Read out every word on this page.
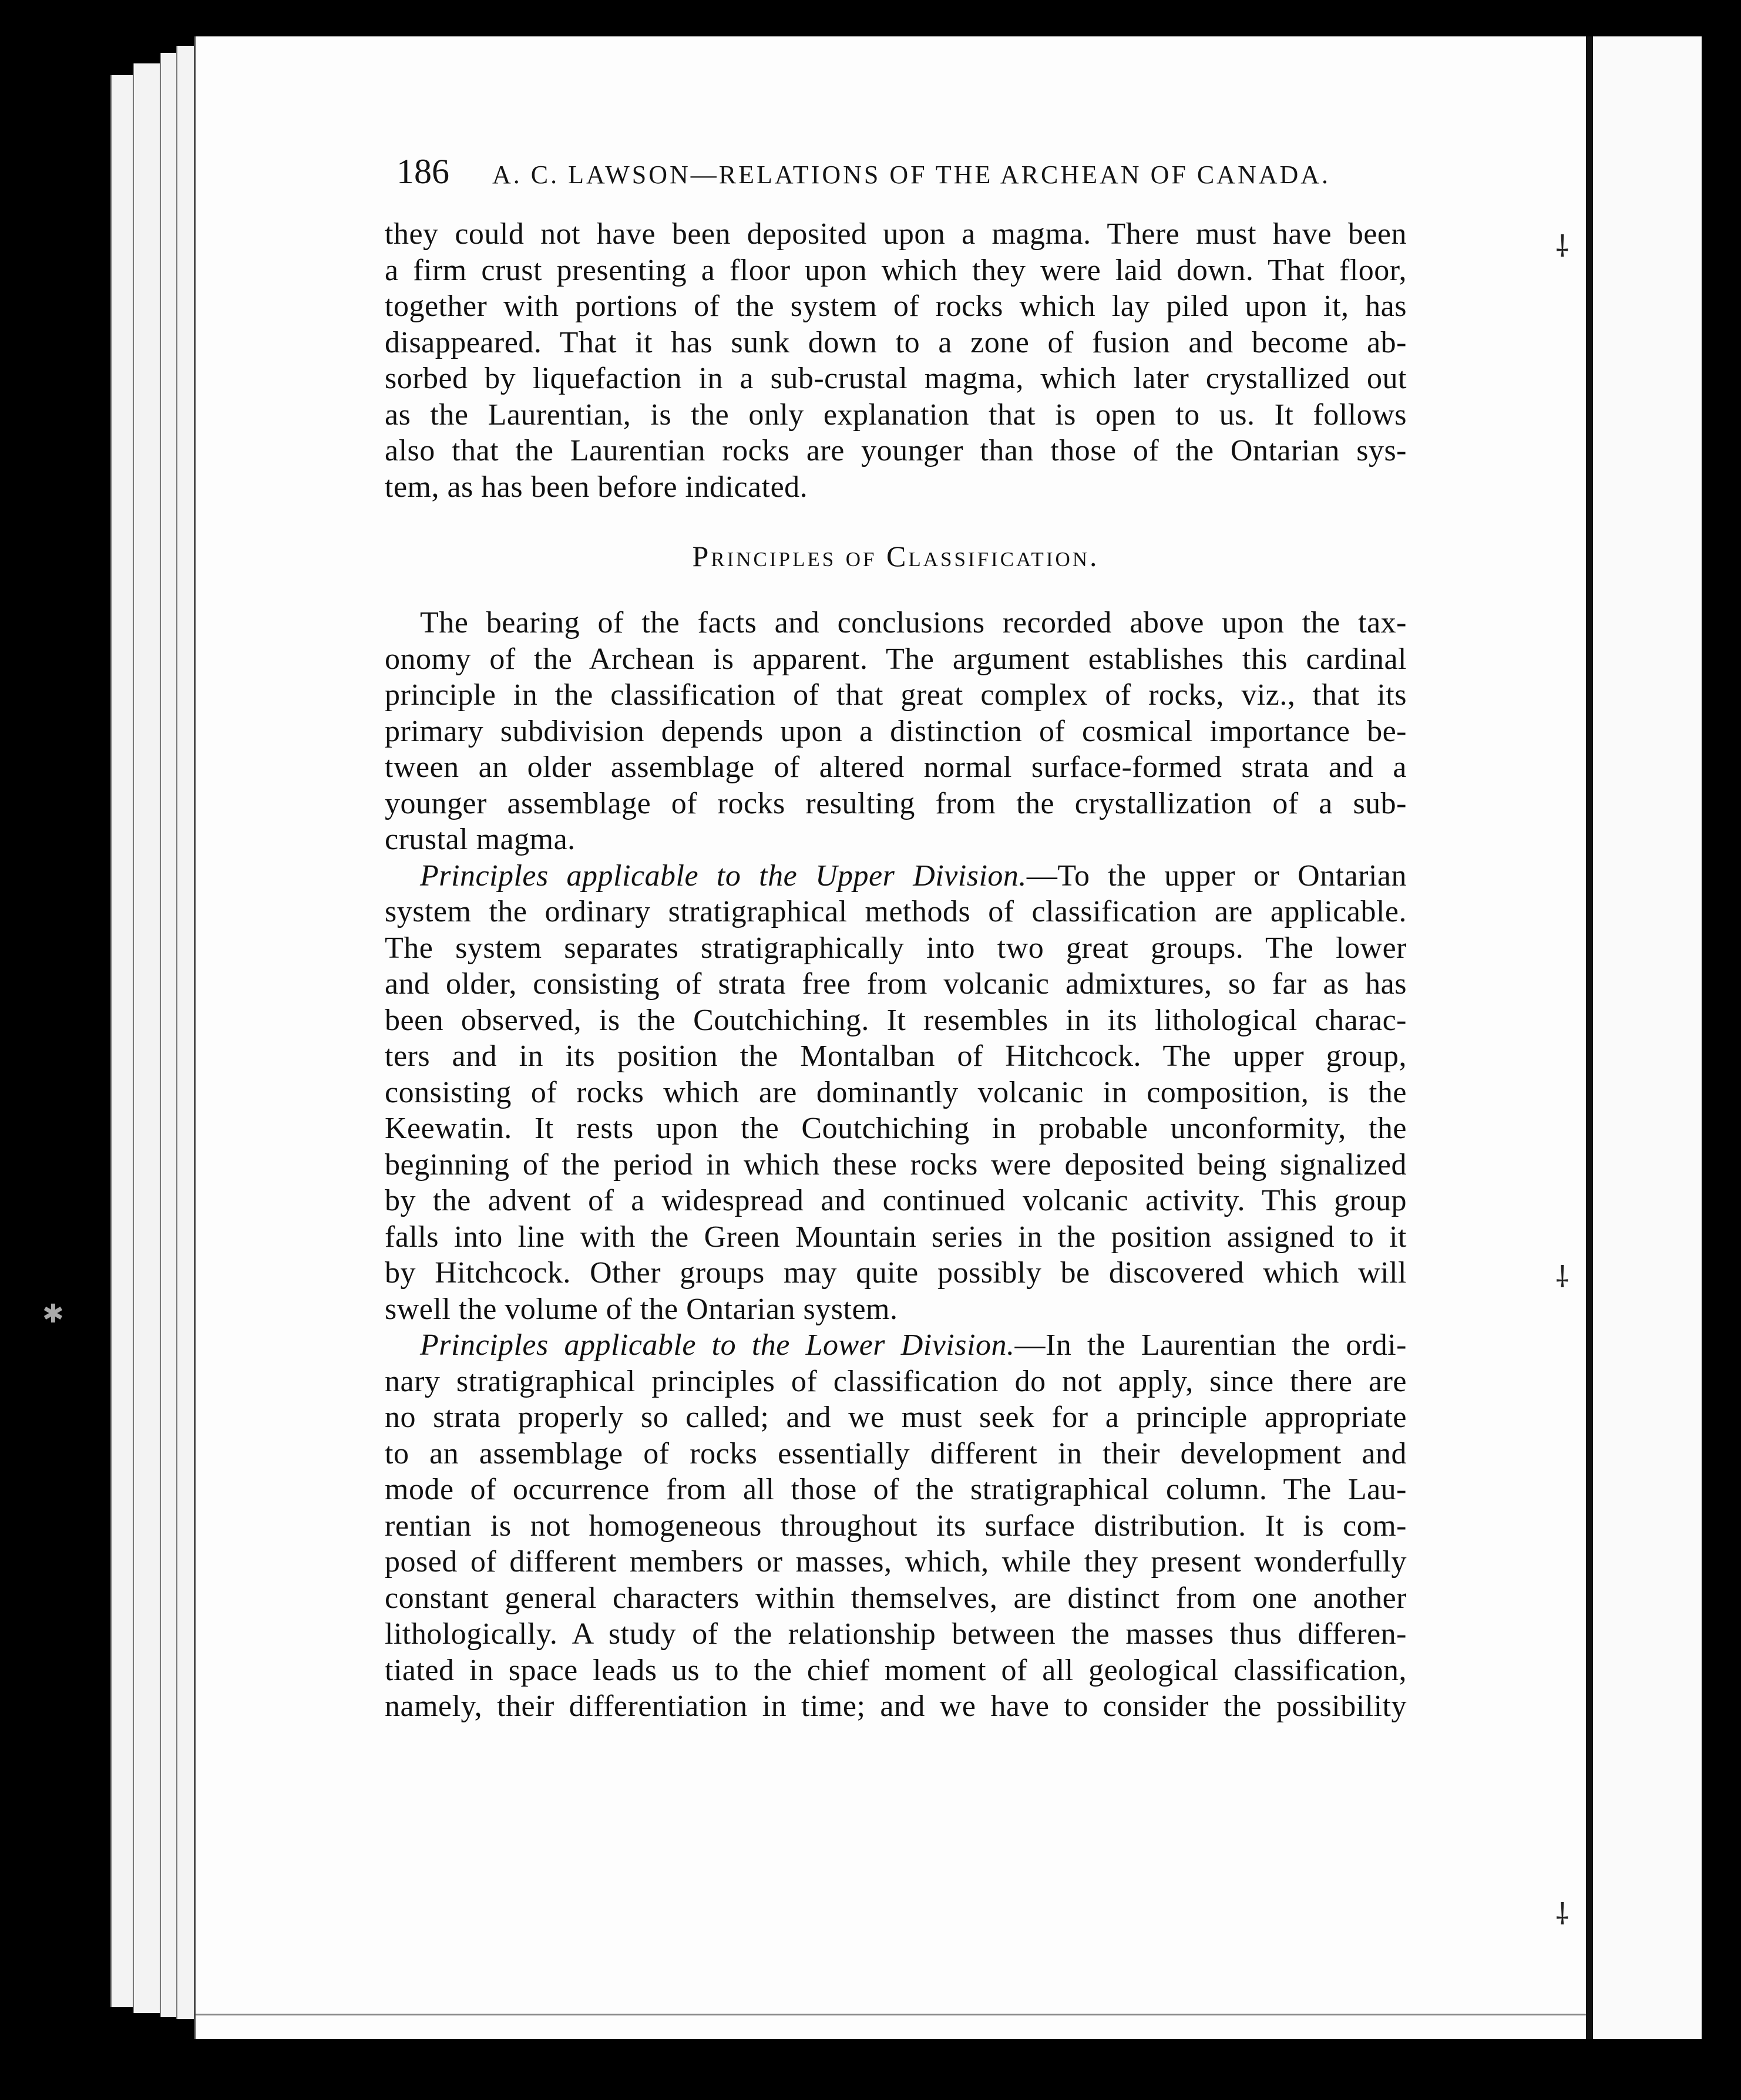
⸸
⸸
⸸
✱
186 A. C. LAWSON—RELATIONS OF THE ARCHEAN OF CANADA.
they could not have been deposited upon a magma. There must have been
a firm crust presenting a floor upon which they were laid down. That floor,
together with portions of the system of rocks which lay piled upon it, has
disappeared. That it has sunk down to a zone of fusion and become ab-
sorbed by liquefaction in a sub-crustal magma, which later crystallized out
as the Laurentian, is the only explanation that is open to us. It follows
also that the Laurentian rocks are younger than those of the Ontarian sys-
tem, as has been before indicated.
Principles of Classification.
The bearing of the facts and conclusions recorded above upon the tax-
onomy of the Archean is apparent. The argument establishes this cardinal
principle in the classification of that great complex of rocks, viz., that its
primary subdivision depends upon a distinction of cosmical importance be-
tween an older assemblage of altered normal surface-formed strata and a
younger assemblage of rocks resulting from the crystallization of a sub-
crustal magma.
Principles applicable to the Upper Division.—To the upper or Ontarian
system the ordinary stratigraphical methods of classification are applicable.
The system separates stratigraphically into two great groups. The lower
and older, consisting of strata free from volcanic admixtures, so far as has
been observed, is the Coutchiching. It resembles in its lithological charac-
ters and in its position the Montalban of Hitchcock. The upper group,
consisting of rocks which are dominantly volcanic in composition, is the
Keewatin. It rests upon the Coutchiching in probable unconformity, the
beginning of the period in which these rocks were deposited being signalized
by the advent of a widespread and continued volcanic activity. This group
falls into line with the Green Mountain series in the position assigned to it
by Hitchcock. Other groups may quite possibly be discovered which will
swell the volume of the Ontarian system.
Principles applicable to the Lower Division.—In the Laurentian the ordi-
nary stratigraphical principles of classification do not apply, since there are
no strata properly so called; and we must seek for a principle appropriate
to an assemblage of rocks essentially different in their development and
mode of occurrence from all those of the stratigraphical column. The Lau-
rentian is not homogeneous throughout its surface distribution. It is com-
posed of different members or masses, which, while they present wonderfully
constant general characters within themselves, are distinct from one another
lithologically. A study of the relationship between the masses thus differen-
tiated in space leads us to the chief moment of all geological classification,
namely, their differentiation in time; and we have to consider the possibility
